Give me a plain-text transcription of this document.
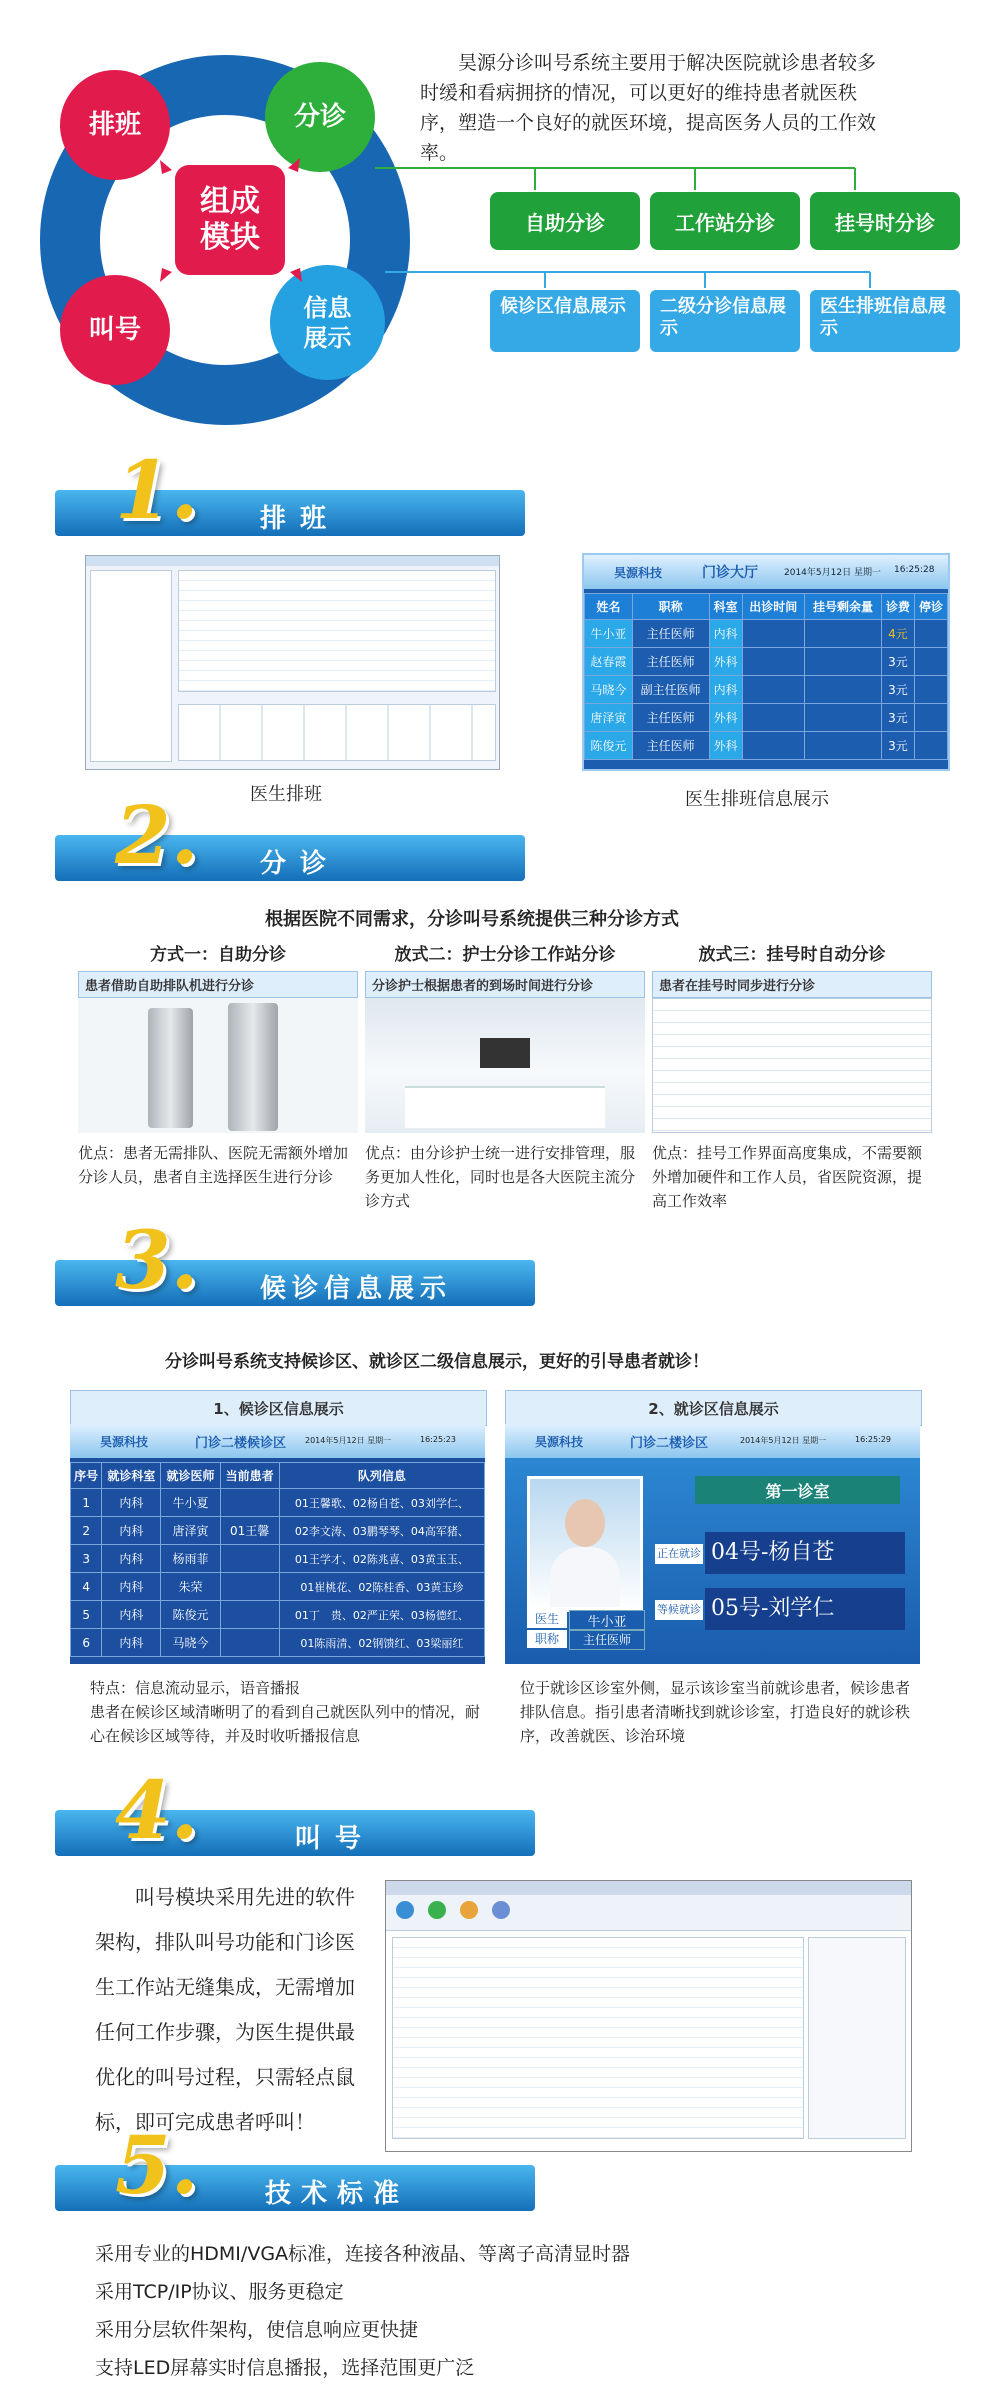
排班	分诊
叫号
信息展示
组成模块
昊源分诊叫号系统主要用于解决医院就诊患者较多时缓和看病拥挤的情况，可以更好的维持患者就医秩序，塑造一个良好的就医环境，提高医务人员的工作效率。
自助分诊	工作站分诊	挂号时分诊
候诊区信息展示	二级分诊信息展示
医生排班信息展示
1. 排班
医生排班
昊源科技	门诊大厅	2014年5月12日 星期一 16:25:28
姓名	职称	科室	出诊时间	挂号剩余量	诊费	停诊
牛小亚	主任医师	内科			4元	
赵春霞	主任医师	外科			3元	
马晓今	副主任医师	内科			3元	
唐泽寅	主任医师	外科			3元	
陈俊元	主任医师	外科			3元	
医生排班信息展示
2. 分诊
根据医院不同需求，分诊叫号系统提供三种分诊方式
方式一：自助分诊
患者借助自助排队机进行分诊
优点：患者无需排队、医院无需额外增加分诊人员，患者自主选择医生进行分诊
放式二：护士分诊工作站分诊
分诊护士根据患者的到场时间进行分诊
优点：由分诊护士统一进行安排管理，服务更加人性化，同时也是各大医院主流分诊方式
放式三：挂号时自动分诊
患者在挂号时同步进行分诊
优点：挂号工作界面高度集成，不需要额外增加硬件和工作人员，省医院资源，提高工作效率
3. 候诊信息展示
分诊叫号系统支持候诊区、就诊区二级信息展示，更好的引导患者就诊！
1、候诊区信息展示
昊源科技	门诊二楼候诊区 2014年5月12日 星期一	16:25:23
序号	就诊科室	就诊医师	当前患者	队列信息
1	内科	牛小夏		01王馨歌、02杨自苍、03刘学仁、
2	内科	唐泽寅	01王馨	02李文涛、03鹏琴琴、04高军猪、
3	内科	杨雨菲		01王学才、02陈兆喜、03黄玉玉、
4	内科	朱荣		01崔桃花、02陈桂香、03黄玉珍
5	内科	陈俊元		01丁　贵、02严正荣、03杨德红、
6	内科	马晓今		01陈雨清、02钢馈红、03梁丽红
2、就诊区信息展示
昊源科技	门诊二楼诊区	2014年5月12日 星期一	16:25:29
医生	牛小亚
职称	主任医师
第一诊室
正在就诊 04号-杨自苍
等候就诊 05号-刘学仁
特点：信息流动显示，语音播报
患者在候诊区域清晰明了的看到自己就医队列中的情况，耐心在候诊区域等待，并及时收听播报信息
位于就诊区诊室外侧，显示该诊室当前就诊患者，候诊患者排队信息。指引患者清晰找到就诊诊室，打造良好的就诊秩序，改善就医、诊治环境
4.	叫号
叫号模块采用先进的软件架构，排队叫号功能和门诊医生工作站无缝集成，无需增加任何工作步骤，为医生提供最优化的叫号过程，只需轻点鼠标，即可完成患者呼叫！
5.	技术标准
采用专业的HDMI/VGA标准，连接各种液晶、等离子高清显时器
采用TCP/IP协议、服务更稳定
采用分层软件架构，使信息响应更快捷
支持LED屏幕实时信息播报，选择范围更广泛
